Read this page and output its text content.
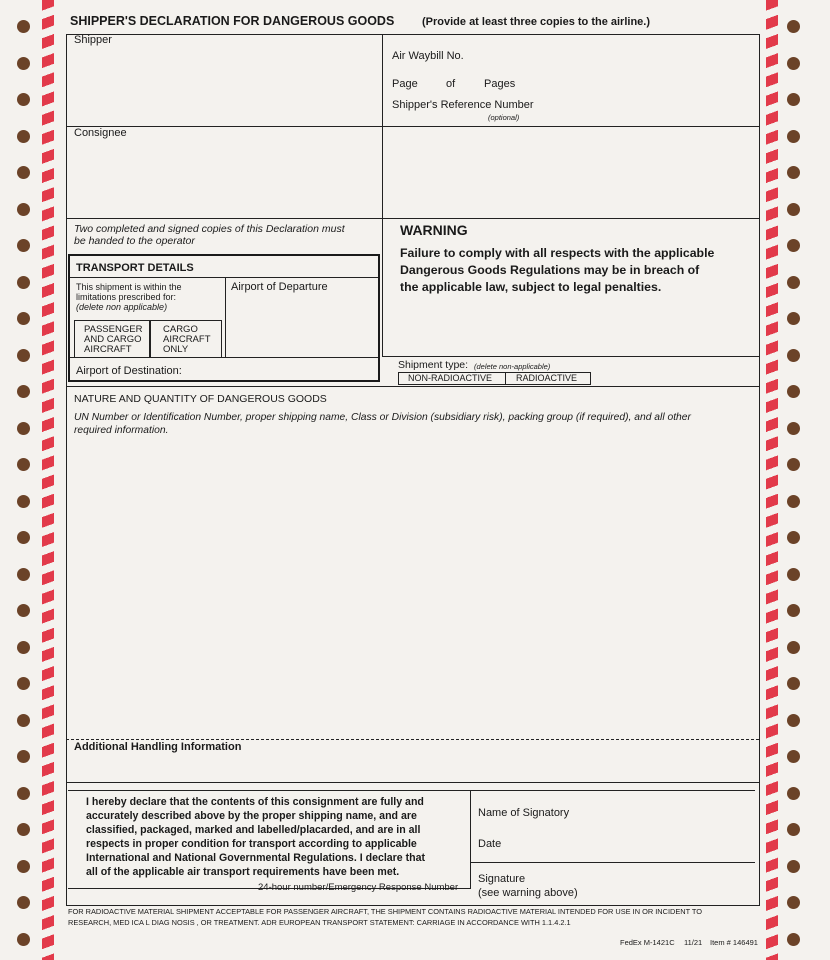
SHIPPER'S DECLARATION FOR DANGEROUS GOODS	(Provide at least three copies to the airline.)
Shipper
Air Waybill No.
Page	of	Pages
Shipper's Reference Number
(optional)
Consignee
Two completed and signed copies of this Declaration must
be handed to the operator
WARNING
Failure to comply with all respects with the applicable
Dangerous Goods Regulations may be in breach of
the applicable law, subject to legal penalties.
TRANSPORT DETAILS
This shipment is within the
limitations prescribed for:
(delete non applicable)
Airport of Departure
PASSENGER
AND CARGO
AIRCRAFT
CARGO
AIRCRAFT
ONLY
Airport of Destination:	Shipment type: (delete non-applicable)
NON-RADIOACTIVE	RADIOACTIVE
NATURE AND QUANTITY OF DANGEROUS GOODS
UN Number or Identification Number, proper shipping name, Class or Division (subsidiary risk), packing group (if required), and all other
required information.
Additional Handling Information
I hereby declare that the contents of this consignment are fully and
accurately described above by the proper shipping name, and are
classified, packaged, marked and labelled/placarded, and are in all
respects in proper condition for transport according to applicable
International and National Governmental Regulations. I declare that
all of the applicable air transport requirements have been met.
Name of Signatory
Date
Signature
(see warning above)
24-hour number/Emergency Response Number
FOR RADIOACTIVE MATERIAL SHIPMENT ACCEPTABLE FOR PASSENGER AIRCRAFT, THE SHIPMENT CONTAINS RADIOACTIVE MATERIAL INTENDED FOR USE IN OR INCIDENT TO
RESEARCH, MED ICA L DIAG NOSIS , OR TREATMENT. ADR EUROPEAN TRANSPORT STATEMENT: CARRIAGE IN ACCORDANCE WITH 1.1.4.2.1
FedEx M-1421C 11/21 Item # 146491
